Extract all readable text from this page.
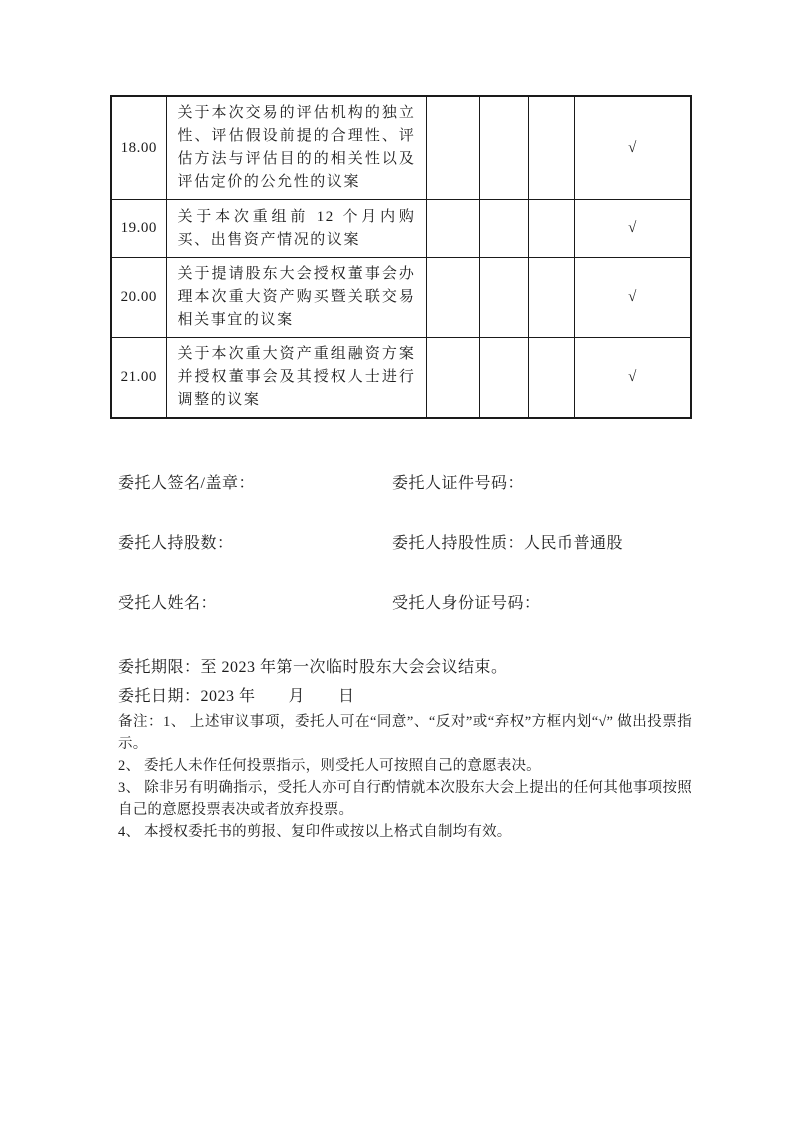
18.00	关于本次交易的评估机构的独立性、评估假设前提的合理性、评估方法与评估目的的相关性以及评估定价的公允性的议案				√
19.00	关于本次重组前 12 个月内购买、出售资产情况的议案				√
20.00	关于提请股东大会授权董事会办理本次重大资产购买暨关联交易相关事宜的议案				√
21.00	关于本次重大资产重组融资方案并授权董事会及其授权人士进行调整的议案				√
委托人签名/盖章：	委托人证件号码：
委托人持股数：	委托人持股性质：人民币普通股
受托人姓名：	受托人身份证号码：
委托期限：至 2023 年第一次临时股东大会会议结束。
委托日期：2023 年　　月　　日

备注：1、 上述审议事项，委托人可在“同意”、“反对”或“弃权”方框内划“√” 做出投票指示。

2、 委托人未作任何投票指示，则受托人可按照自己的意愿表决。

3、 除非另有明确指示，受托人亦可自行酌情就本次股东大会上提出的任何其他事项按照自己的意愿投票表决或者放弃投票。

4、 本授权委托书的剪报、复印件或按以上格式自制均有效。
